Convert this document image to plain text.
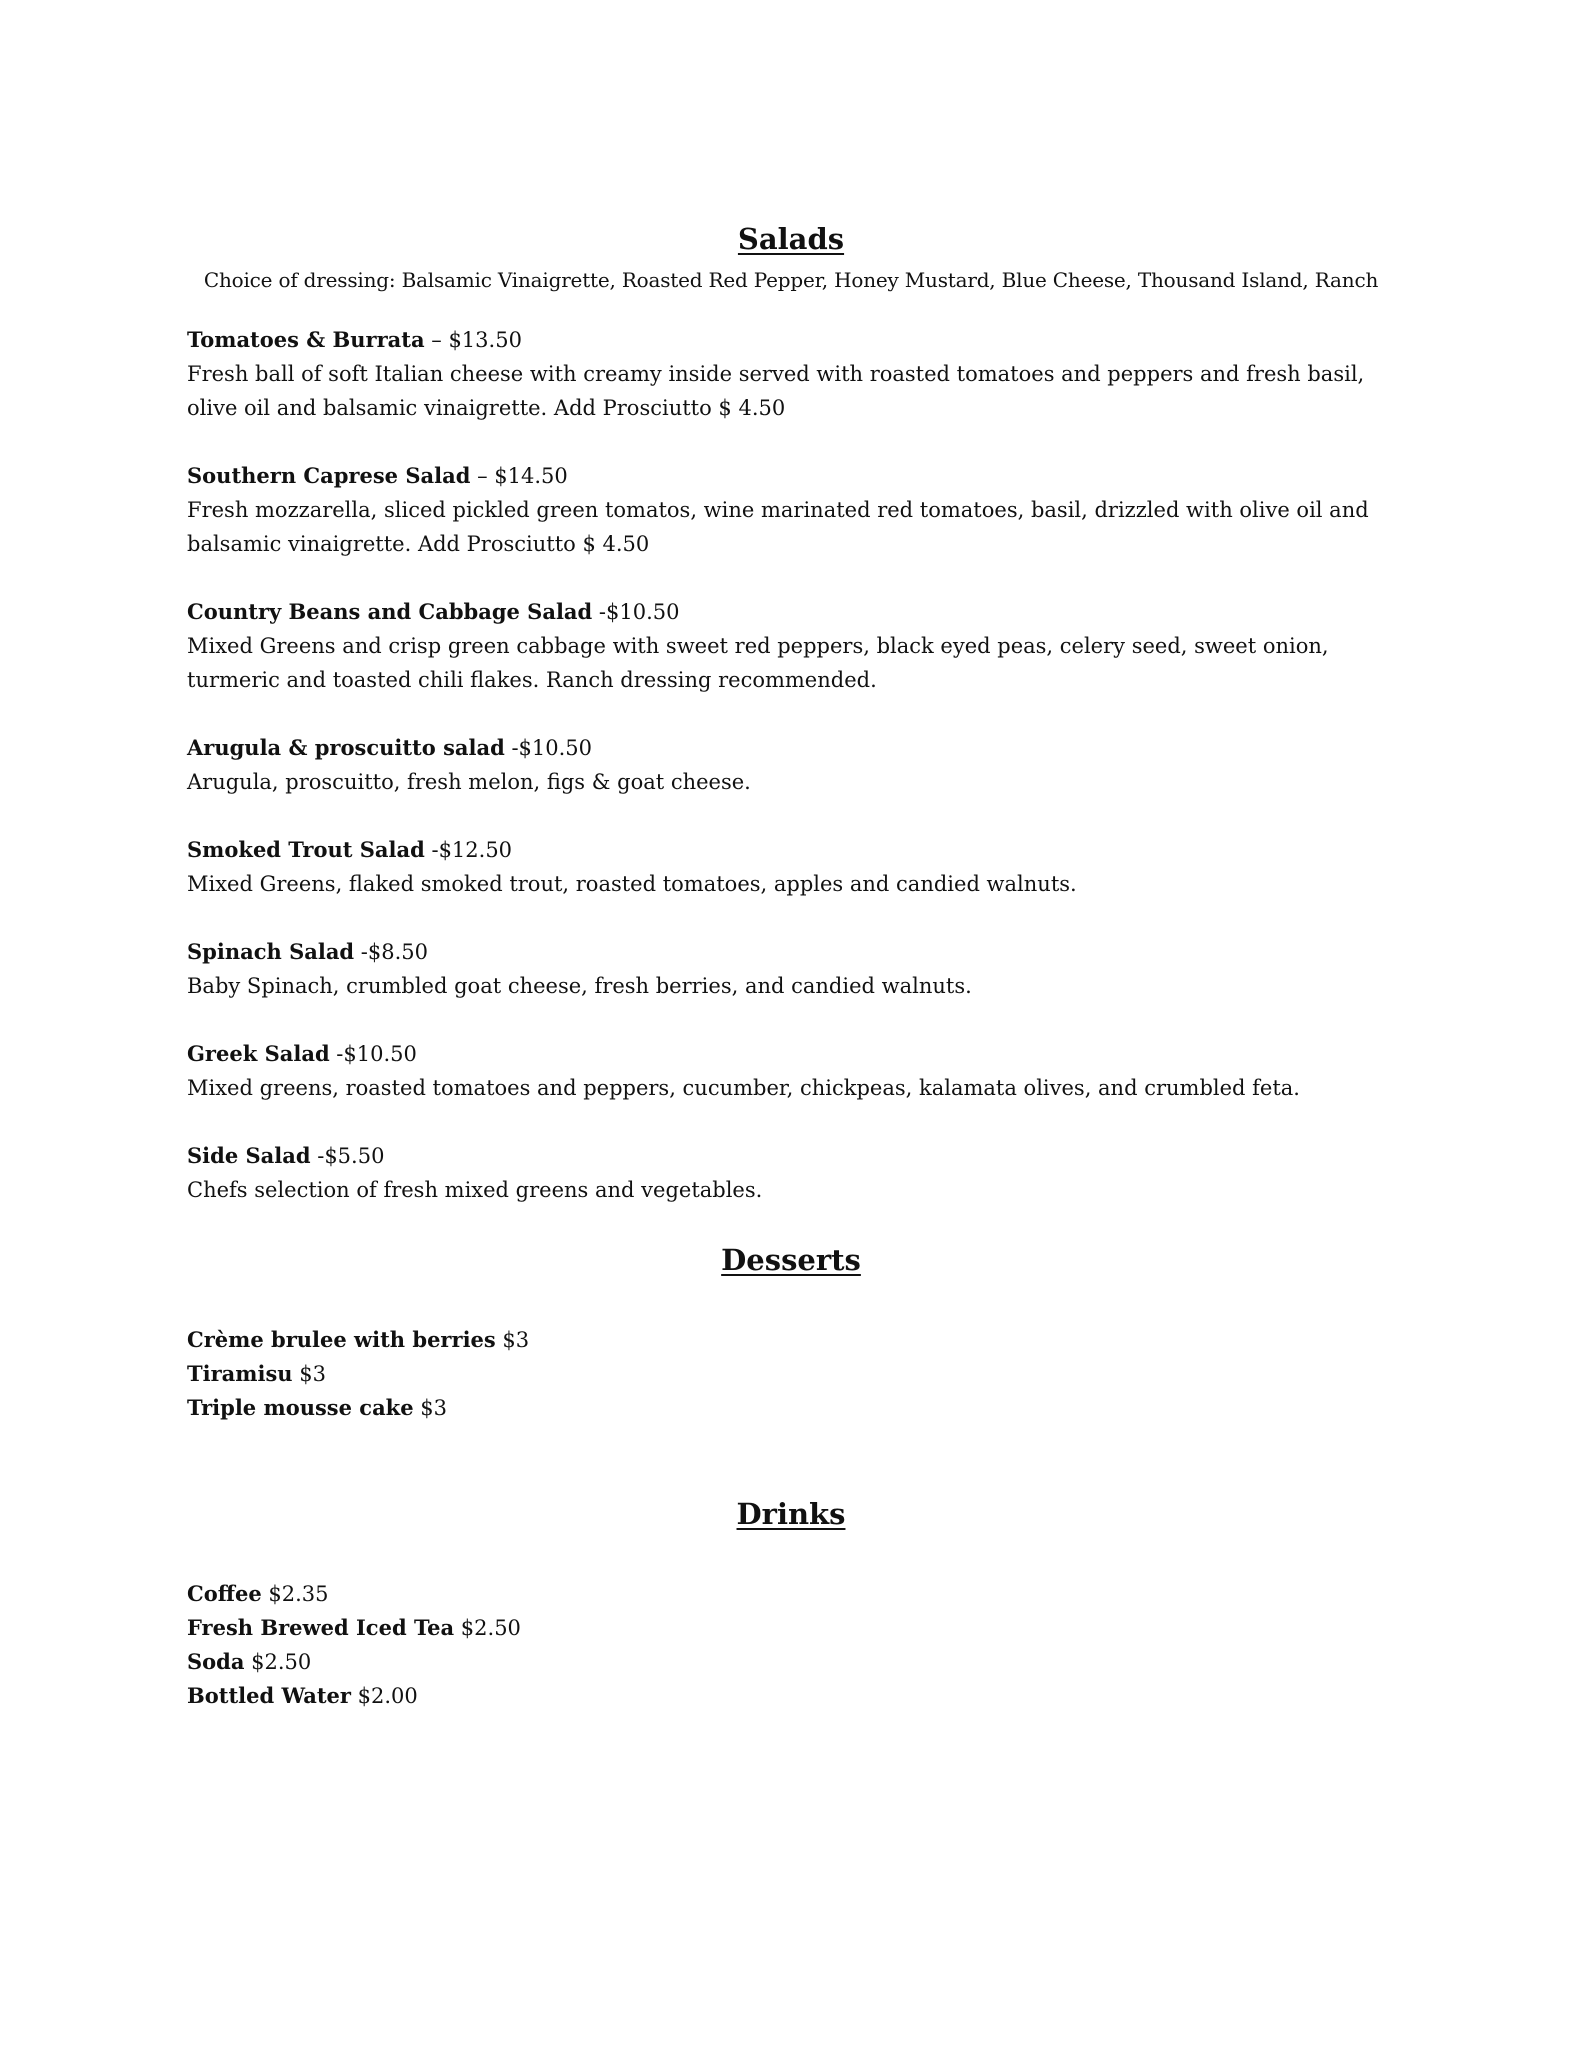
Salads

Choice of dressing: Balsamic Vinaigrette, Roasted Red Pepper, Honey Mustard, Blue Cheese, Thousand Island, Ranch

Tomatoes & Burrata – $13.50

Fresh ball of soft Italian cheese with creamy inside served with roasted tomatoes and peppers and fresh basil, olive oil and balsamic vinaigrette. Add Prosciutto $ 4.50

Southern Caprese Salad – $14.50

Fresh mozzarella, sliced pickled green tomatos, wine marinated red tomatoes, basil, drizzled with olive oil and balsamic vinaigrette. Add Prosciutto $ 4.50

Country Beans and Cabbage Salad -$10.50

Mixed Greens and crisp green cabbage with sweet red peppers, black eyed peas, celery seed, sweet onion, turmeric and toasted chili flakes. Ranch dressing recommended.

Arugula & proscuitto salad -$10.50

Arugula, proscuitto, fresh melon, figs & goat cheese.

Smoked Trout Salad -$12.50

Mixed Greens, flaked smoked trout, roasted tomatoes, apples and candied walnuts.

Spinach Salad -$8.50

Baby Spinach, crumbled goat cheese, fresh berries, and candied walnuts.

Greek Salad -$10.50

Mixed greens, roasted tomatoes and peppers, cucumber, chickpeas, kalamata olives, and crumbled feta.

Side Salad -$5.50

Chefs selection of fresh mixed greens and vegetables.

Desserts

Crème brulee with berries $3

Tiramisu $3

Triple mousse cake $3

Drinks

Coffee $2.35

Fresh Brewed Iced Tea $2.50

Soda $2.50

Bottled Water $2.00
